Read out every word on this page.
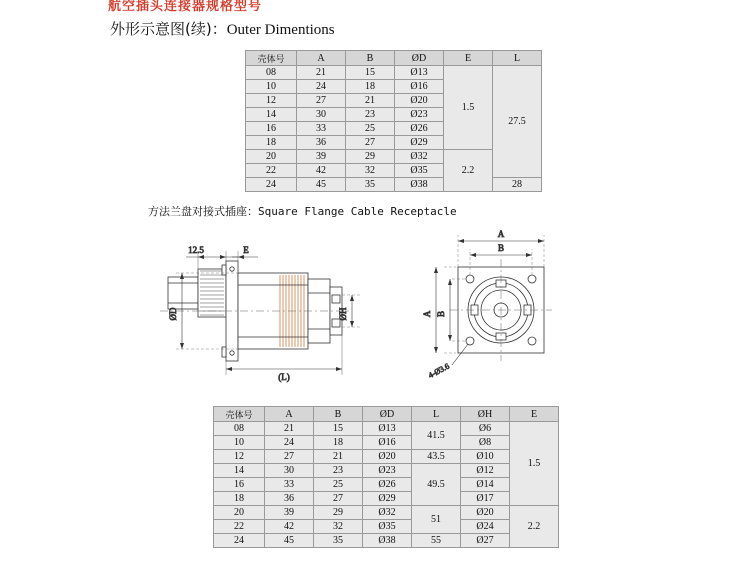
航空插头连接器规格型号
外形示意图(续)：Outer Dimentions
壳体号	A	B	ØD	E	L
08	21	15	Ø13	1.5	27.5
10	24	18	Ø16		
12	27	21	Ø20		
14	30	23	Ø23		
16	33	25	Ø26		
18	36	27	Ø29		
20	39	29	Ø32	2.2	
22	42	32	Ø35		
24	45	35	Ø38		28
方法兰盘对接式插座：Square Flange Cable Receptacle
12.5	E
ØD	ØH
(L)
A
B
A B
4-Ø3.6
壳体号	A	B	ØD	L	ØH	E
08	21	15	Ø13	41.5	Ø6	1.5
10	24	18	Ø16		Ø8	
12	27	21	Ø20	43.5	Ø10	
14	30	23	Ø23	49.5	Ø12	
16	33	25	Ø26		Ø14	
18	36	27	Ø29		Ø17	
20	39	29	Ø32	51	Ø20	2.2
22	42	32	Ø35		Ø24	
24	45	35	Ø38	55	Ø27	
